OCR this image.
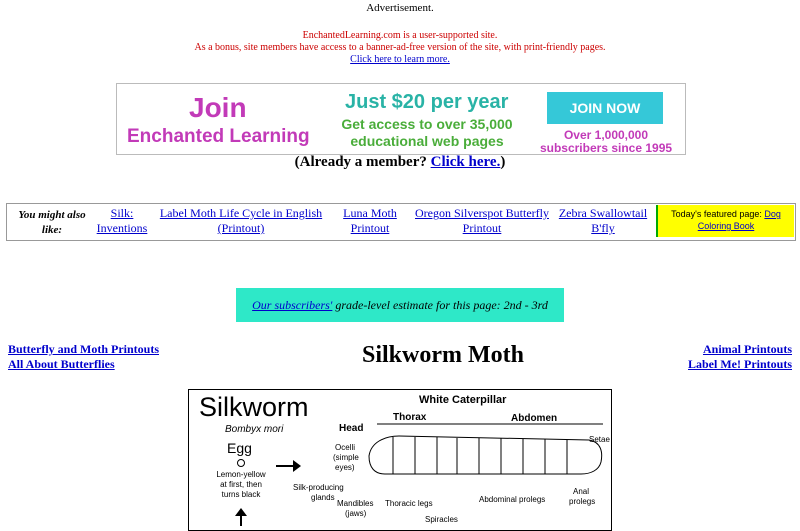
Advertisement.
EnchantedLearning.com is a user-supported site.
As a bonus, site members have access to a banner-ad-free version of the site, with print-friendly pages.
Click here to learn more.
Join
Enchanted Learning
Just $20 per year
Get access to over 35,000 educational web pages
JOIN NOW
Over 1,000,000 subscribers since 1995
(Already a member? Click here.)
You might also like:
Silk: Inventions
Label Moth Life Cycle in English (Printout)
Luna Moth Printout
Oregon Silverspot Butterfly Printout
Zebra Swallowtail B'fly
Today's featured page: Dog Coloring Book
Our subscribers' grade-level estimate for this page: 2nd - 3rd
Silkworm Moth
Butterfly and Moth Printouts
All About Butterflies
Animal Printouts
Label Me! Printouts
Silkworm
Bombyx mori
Egg
Lemon-yellow
at first, then
turns black
White Caterpillar
Head
Thorax	Abdomen
Ocelli
(simple
eyes)
Silk-producing
glands
Mandibles
(jaws)
Thoracic legs	Abdominal prolegs
Anal
prolegs
Setae
Spiracles
